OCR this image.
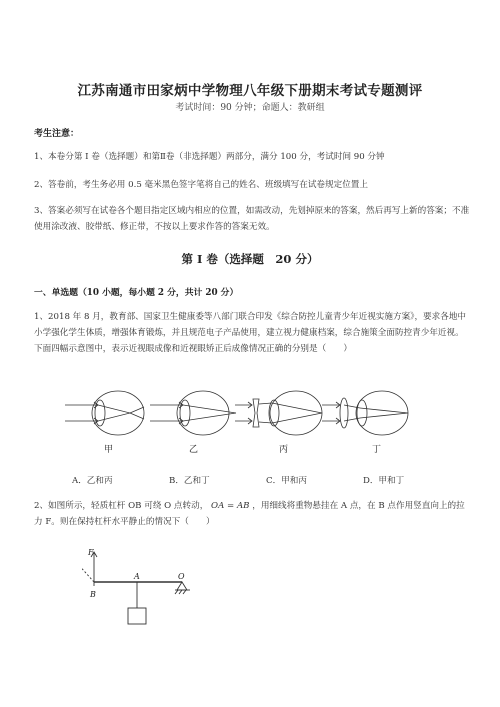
江苏南通市田家炳中学物理八年级下册期末考试专题测评
考试时间：90 分钟；命题人：教研组
考生注意：
1、本卷分第 I 卷（选择题）和第Ⅱ卷（非选择题）两部分，满分 100 分，考试时间 90 分钟
2、答卷前，考生务必用 0.5 毫米黑色签字笔将自己的姓名、班级填写在试卷规定位置上
3、答案必须写在试卷各个题目指定区域内相应的位置，如需改动，先划掉原来的答案，然后再写上新的答案；不准使用涂改液、胶带纸、修正带，不按以上要求作答的答案无效。
第 I 卷（选择题　20 分）
一、单选题（10 小题，每小题 2 分，共计 20 分）
1、2018 年 8 月，教育部、国家卫生健康委等八部门联合印发《综合防控儿童青少年近视实施方案》，要求各地中小学强化学生体质，增强体育锻炼，并且规范电子产品使用，建立视力健康档案，综合施策全面防控青少年近视。下面四幅示意图中，表示近视眼成像和近视眼矫正后成像情况正确的分别是（　　）
甲	乙	丙	丁
A．乙和丙	B．乙和丁	C．甲和丙	D．甲和丁
2、如图所示，轻质杠杆 OB 可绕 O 点转动， OA = AB ，用细线将重物悬挂在 A 点，在 B 点作用竖直向上的拉力 F。则在保持杠杆水平静止的情况下（　　）
F
A	O
B
